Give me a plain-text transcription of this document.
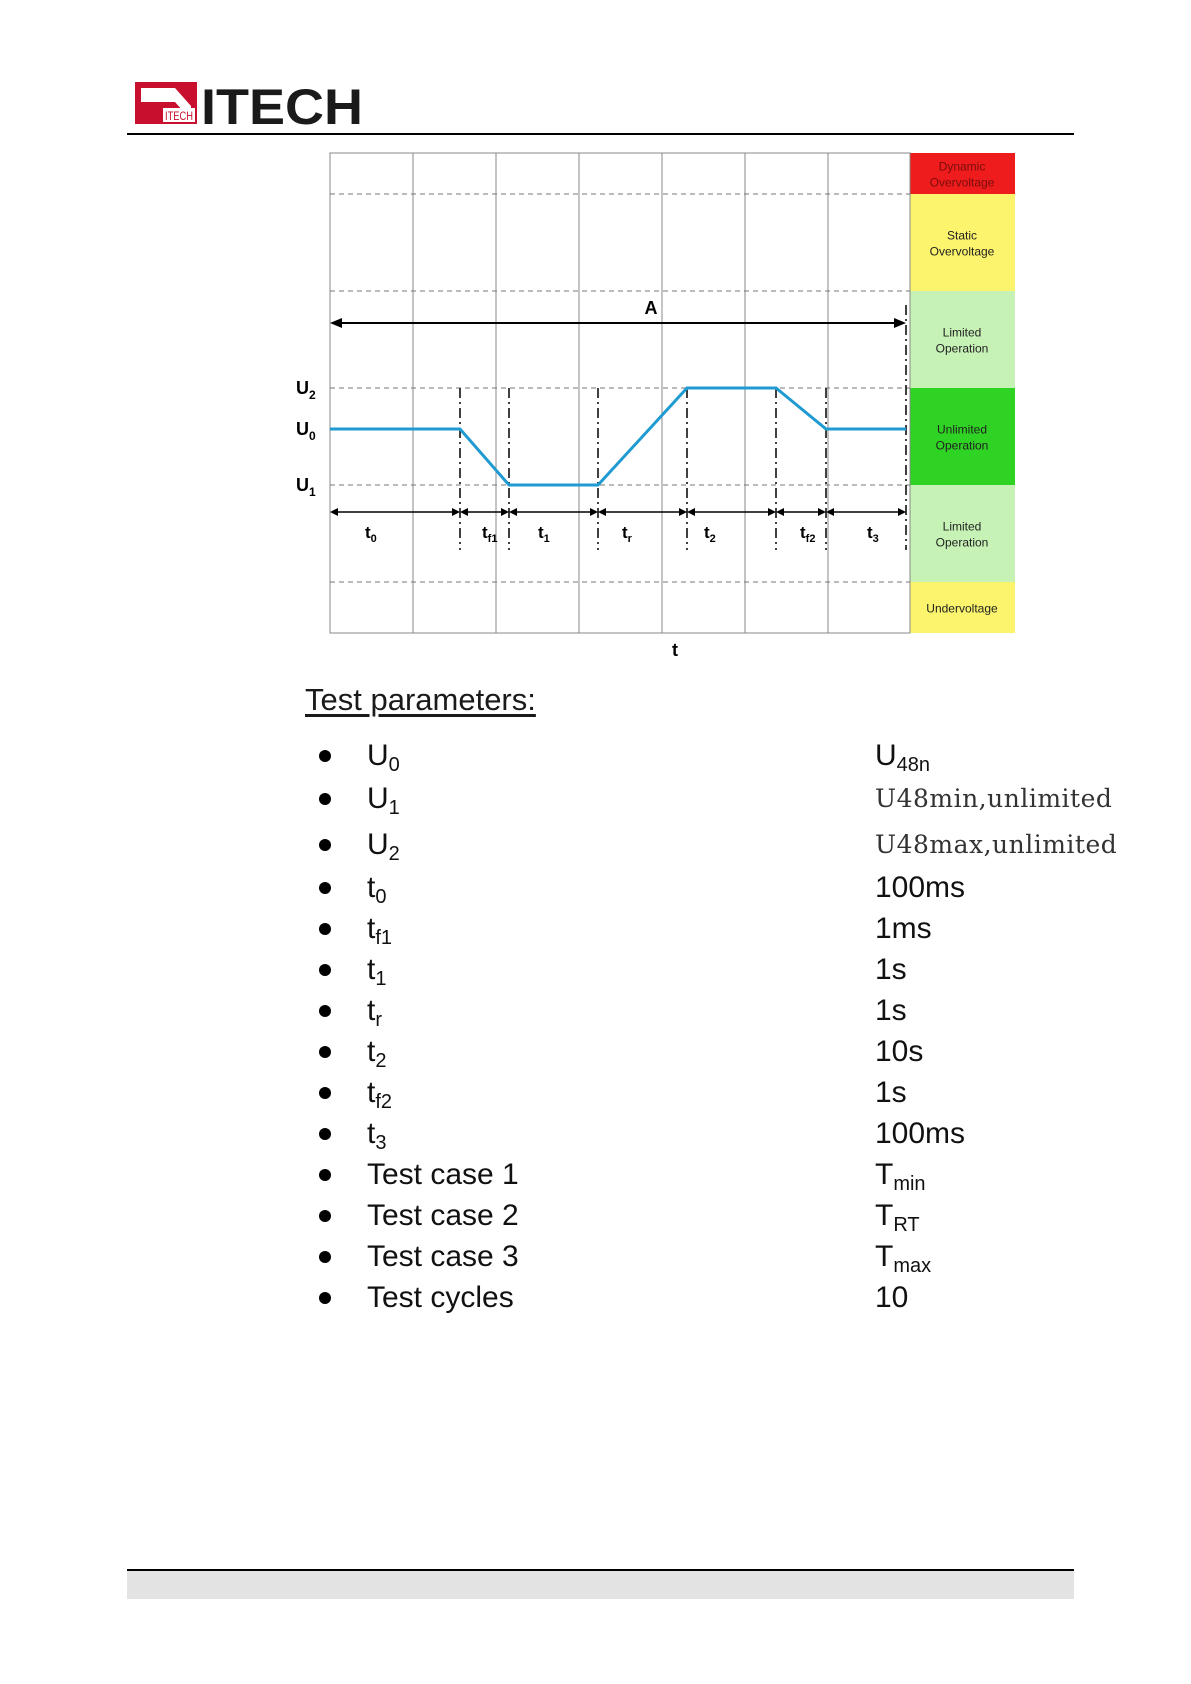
ITECH ITECH
Dynamic
Overvoltage
Static
Overvoltage
Limited
Operation
Unlimited
Operation
Limited
Operation
Undervoltage
A
$U_2$
$U_0$
$U_1$
$t_0$	$t_{f1}$ $t_1$	$t_r$	$t_2$	$t_{f2}$	$t_3$
t
Test parameters:
$U_0$	$U_{48n}$
$U_1$	U48min,unlimited
$U_2$	U48max,unlimited
$t_0$	100ms
$t_{f1}$	1ms
$t_1$	1s
$t_r$	1s
$t_2$	10s
$t_{f2}$	1s
$t_3$	100ms
Test case 1	$T_{min}$
Test case 2	$T_{RT}$
Test case 3	$T_{max}$
Test cycles	10
